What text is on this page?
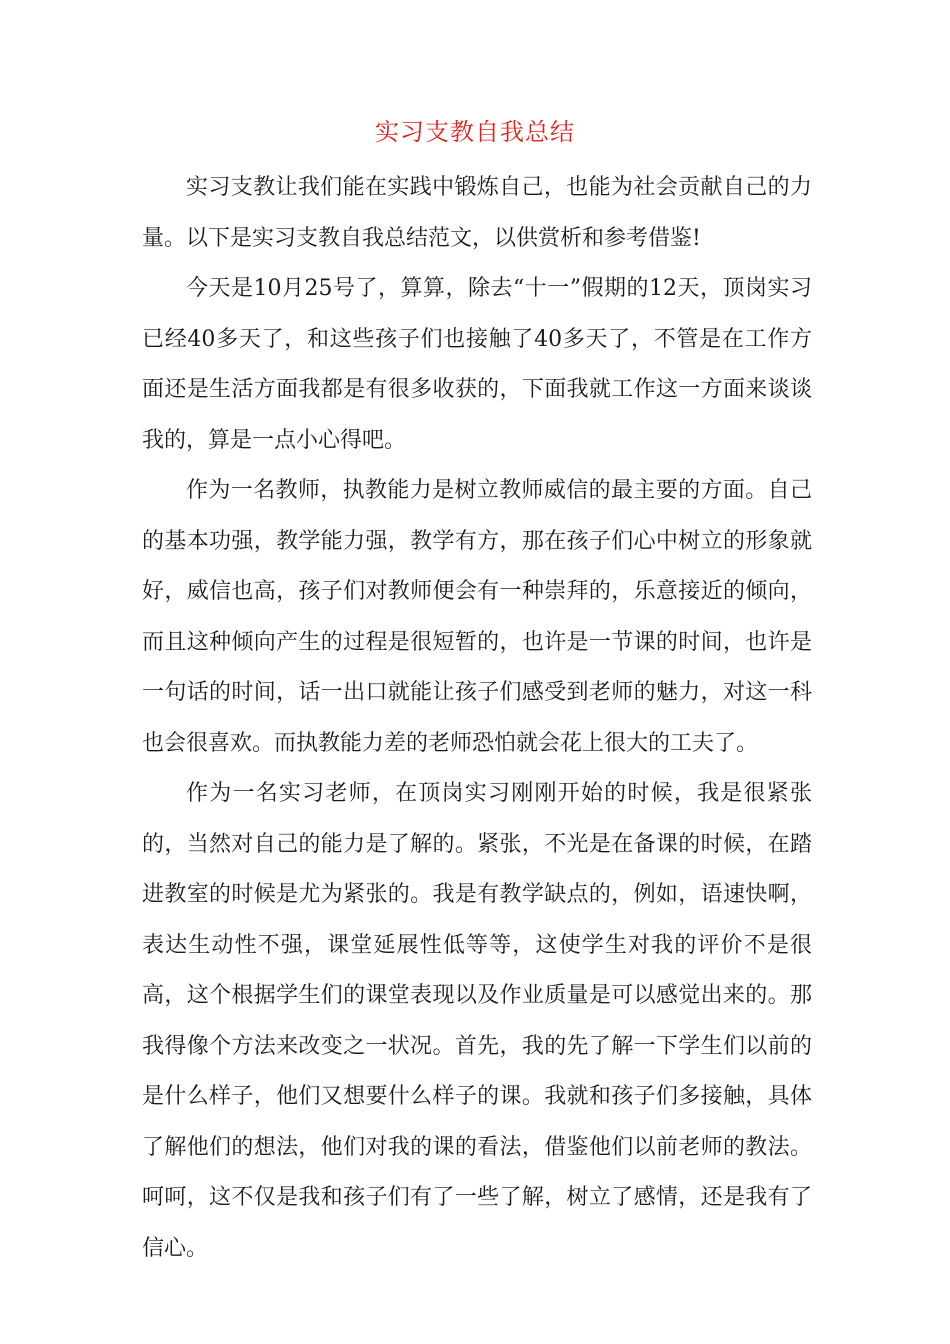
实习支教自我总结

实习支教让我们能在实践中锻炼自己，也能为社会贡献自己的力量。以下是实习支教自我总结范文，以供赏析和参考借鉴!

今天是10月25号了，算算，除去“十一”假期的12天，顶岗实习已经40多天了，和这些孩子们也接触了40多天了，不管是在工作方面还是生活方面我都是有很多收获的，下面我就工作这一方面来谈谈我的，算是一点小心得吧。

作为一名教师，执教能力是树立教师威信的最主要的方面。自己的基本功强，教学能力强，教学有方，那在孩子们心中树立的形象就好，威信也高，孩子们对教师便会有一种崇拜的，乐意接近的倾向，而且这种倾向产生的过程是很短暂的，也许是一节课的时间，也许是一句话的时间，话一出口就能让孩子们感受到老师的魅力，对这一科也会很喜欢。而执教能力差的老师恐怕就会花上很大的工夫了。

作为一名实习老师，在顶岗实习刚刚开始的时候，我是很紧张的，当然对自己的能力是了解的。紧张，不光是在备课的时候，在踏进教室的时候是尤为紧张的。我是有教学缺点的，例如，语速快啊，表达生动性不强，课堂延展性低等等，这使学生对我的评价不是很高，这个根据学生们的课堂表现以及作业质量是可以感觉出来的。那我得像个方法来改变之一状况。首先，我的先了解一下学生们以前的是什么样子，他们又想要什么样子的课。我就和孩子们多接触，具体了解他们的想法，他们对我的课的看法，借鉴他们以前老师的教法。呵呵，这不仅是我和孩子们有了一些了解，树立了感情，还是我有了信心。
